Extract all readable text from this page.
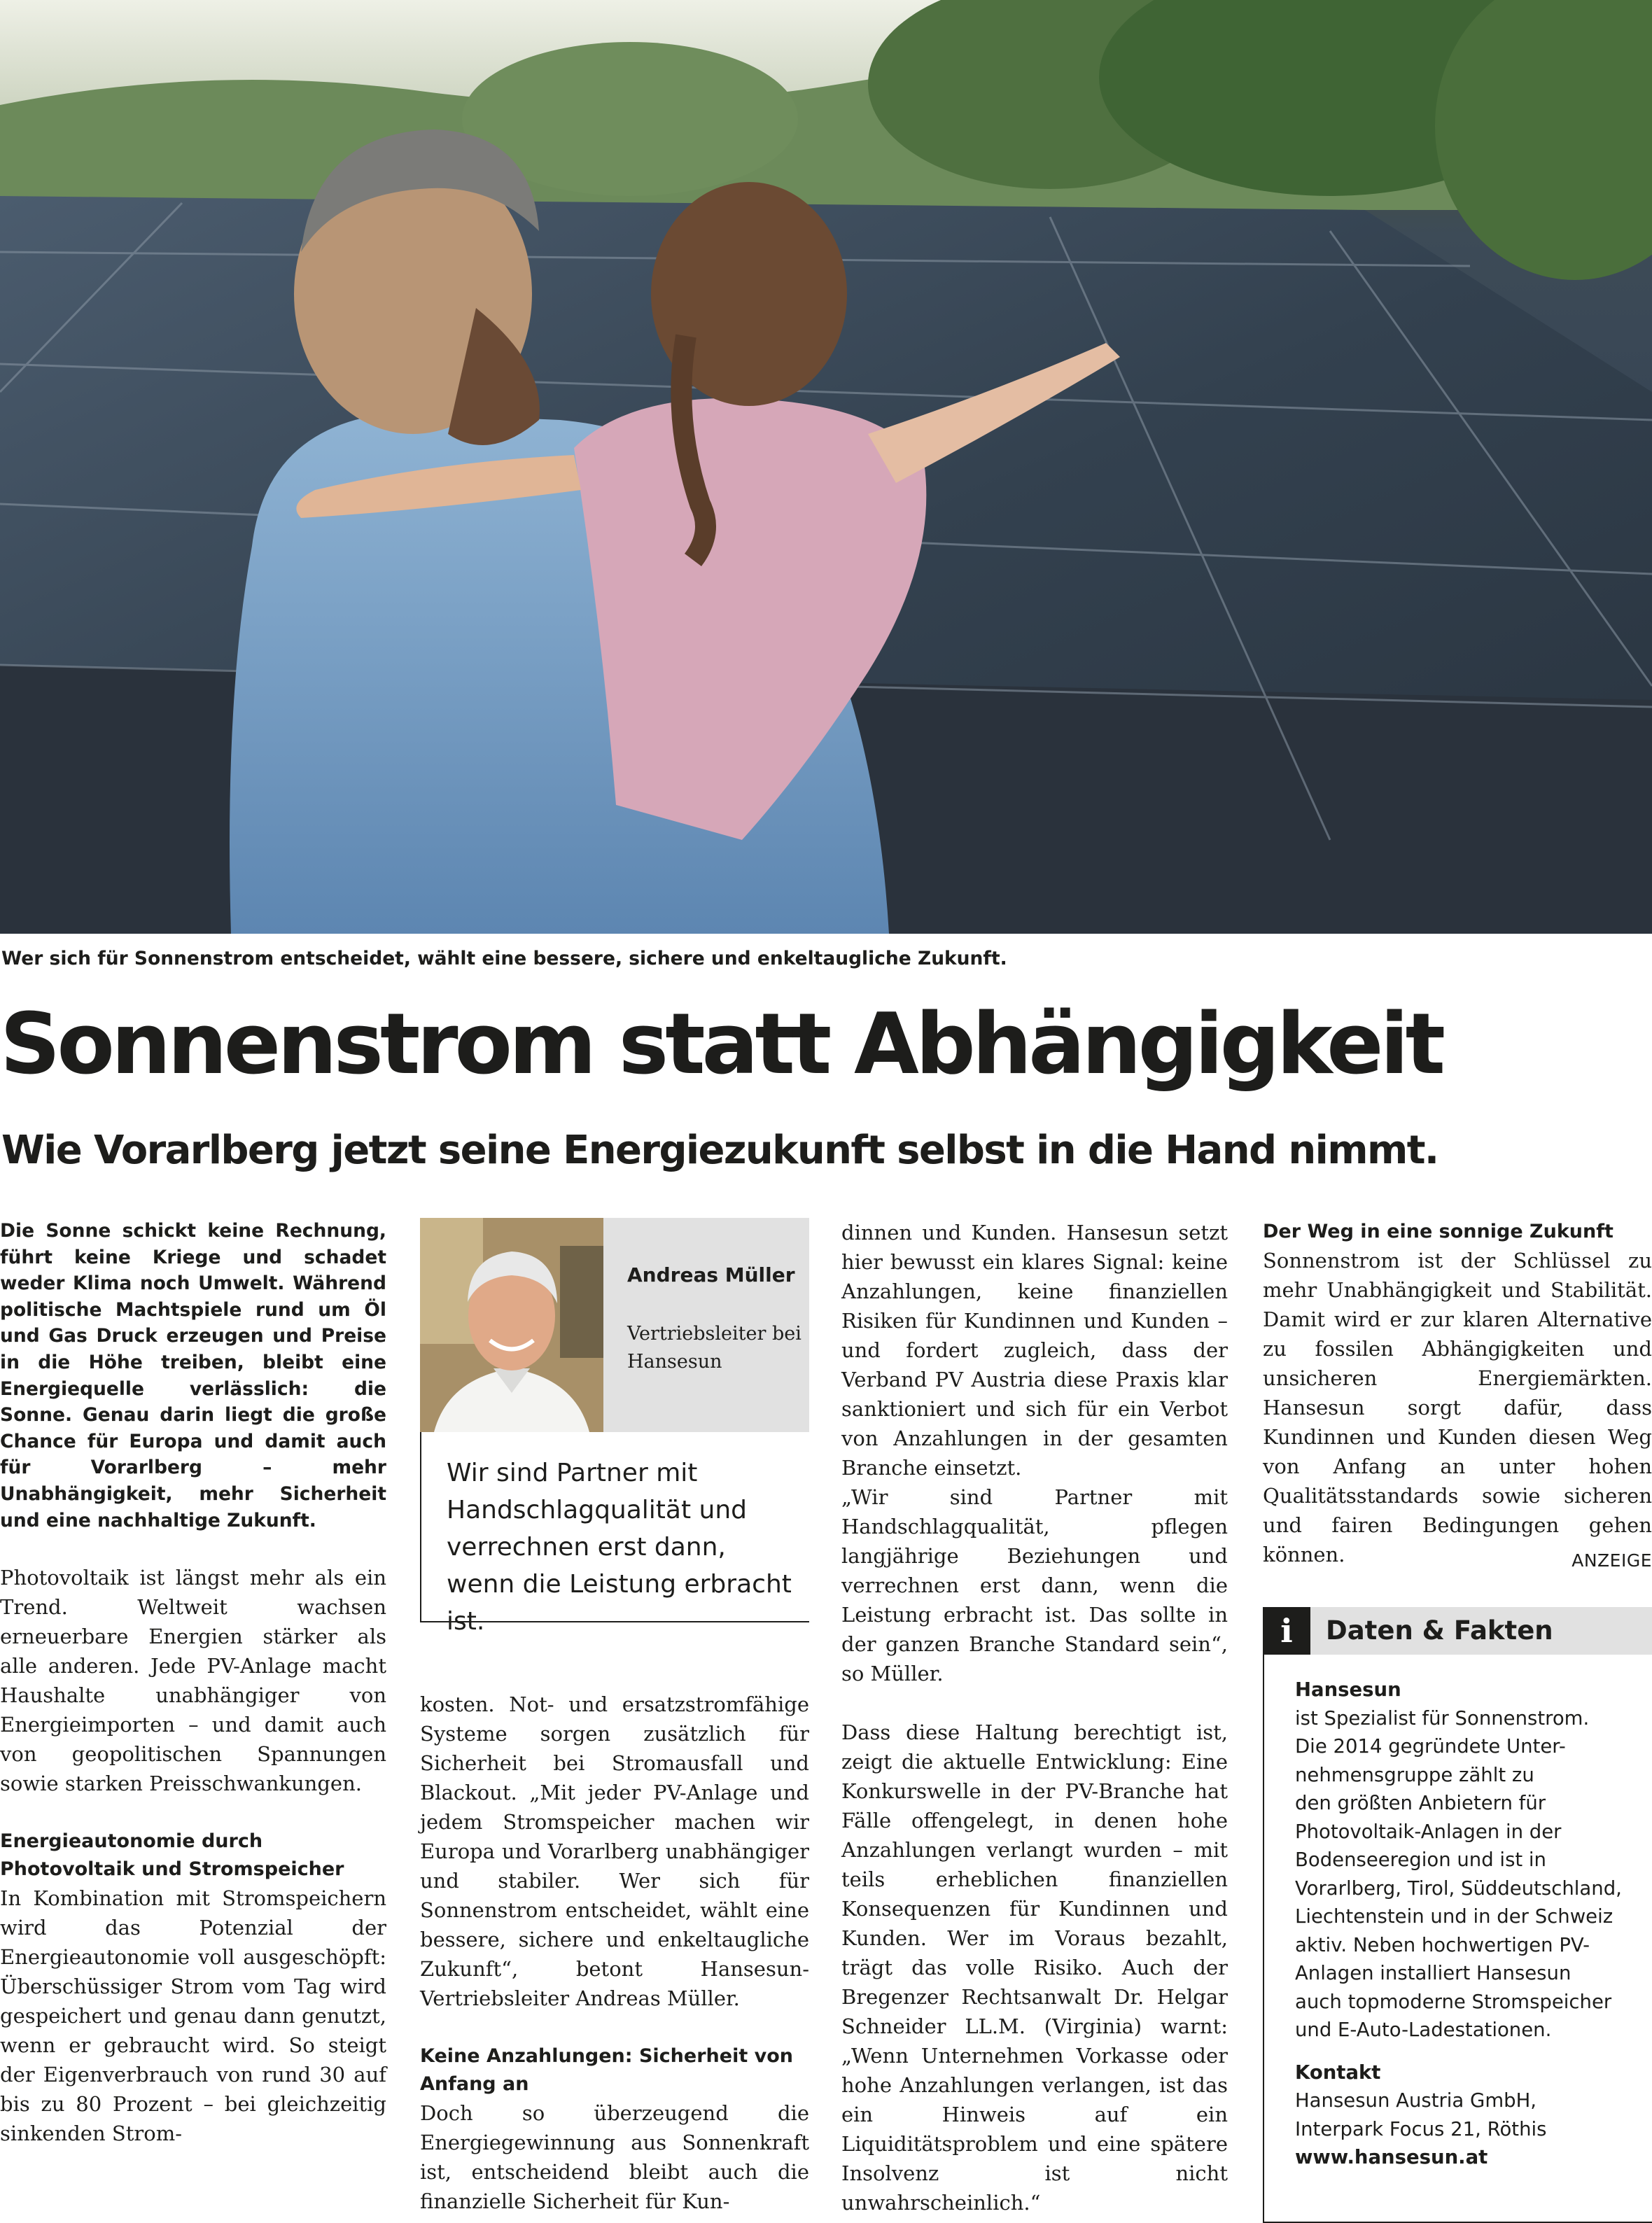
Wer sich für Sonnenstrom entscheidet, wählt eine bessere, sichere und enkeltaugliche Zukunft.
Sonnenstrom statt Abhängigkeit
Wie Vorarlberg jetzt seine Energiezukunft selbst in die Hand nimmt.

Die Sonne schickt keine Rechnung, führt keine Kriege und schadet weder Klima noch Umwelt. Während politische Machtspiele rund um Öl und Gas Druck erzeugen und Preise in die Höhe treiben, bleibt eine Energiequelle verlässlich: die Sonne. Genau darin liegt die große Chance für Europa und damit auch für Vorarlberg – mehr Unabhängigkeit, mehr Sicherheit und eine nachhaltige Zukunft.

Photovoltaik ist längst mehr als ein Trend. Weltweit wachsen erneuerbare Energien stärker als alle anderen. Jede PV-Anlage macht Haushalte unabhängiger von Energieimporten – und damit auch von geopolitischen Spannungen sowie starken Preisschwankungen.

Energieautonomie durch Photovoltaik und Stromspeicher

In Kombination mit Stromspeichern wird das Potenzial der Energieautonomie voll ausgeschöpft: Überschüssiger Strom vom Tag wird gespeichert und genau dann genutzt, wenn er gebraucht wird. So steigt der Eigenverbrauch von rund 30 auf bis zu 80 Prozent – bei gleichzeitig sinkenden Strom-

Andreas Müller
Vertriebsleiter bei Hansesun
Wir sind Partner mit Handschlagqualität und verrechnen erst dann, wenn die Leistung erbracht ist.

kosten. Not- und ersatzstromfähige Systeme sorgen zusätzlich für Sicherheit bei Stromausfall und Blackout. „Mit jeder PV-Anlage und jedem Stromspeicher machen wir Europa und Vorarlberg unabhängiger und stabiler. Wer sich für Sonnenstrom entscheidet, wählt eine bessere, sichere und enkeltaugliche Zukunft“, betont Hansesun-Vertriebsleiter Andreas Müller.

Keine Anzahlungen: Sicherheit von Anfang an

Doch so überzeugend die Energiegewinnung aus Sonnenkraft ist, entscheidend bleibt auch die finanzielle Sicherheit für Kun-

dinnen und Kunden. Hansesun setzt hier bewusst ein klares Signal: keine Anzahlungen, keine finanziellen Risiken für Kundinnen und Kunden – und fordert zugleich, dass der Verband PV Austria diese Praxis klar sanktioniert und sich für ein Verbot von Anzahlungen in der gesamten Branche einsetzt.

„Wir sind Partner mit Handschlagqualität, pflegen langjährige Beziehungen und verrechnen erst dann, wenn die Leistung erbracht ist. Das sollte in der ganzen Branche Standard sein“, so Müller.

Dass diese Haltung berechtigt ist, zeigt die aktuelle Entwicklung: Eine Konkurswelle in der PV-Branche hat Fälle offengelegt, in denen hohe Anzahlungen verlangt wurden – mit teils erheblichen finanziellen Konsequenzen für Kundinnen und Kunden. Wer im Voraus bezahlt, trägt das volle Risiko. Auch der Bregenzer Rechtsanwalt Dr. Helgar Schneider LL.M. (Virginia) warnt: „Wenn Unternehmen Vorkasse oder hohe Anzahlungen verlangen, ist das ein Hinweis auf ein Liquiditätsproblem und eine spätere Insolvenz ist nicht unwahrscheinlich.“

Der Weg in eine sonnige Zukunft

Sonnenstrom ist der Schlüssel zu mehr Unabhängigkeit und Stabilität. Damit wird er zur klaren Alternative zu fossilen Abhängigkeiten und unsicheren Energiemärkten. Hansesun sorgt dafür, dass Kundinnen und Kunden diesen Weg von Anfang an unter hohen Qualitätsstandards sowie sicheren und fairen Bedingungen gehen können.	ANZEIGE

i	Daten & Fakten
Hansesun
ist Spezialist für Sonnenstrom.
Die 2014 gegründete Unter-
nehmensgruppe zählt zu
den größten Anbietern für
Photovoltaik-Anlagen in der
Bodenseeregion und ist in
Vorarlberg, Tirol, Süddeutschland,
Liechtenstein und in der Schweiz
aktiv. Neben hochwertigen PV-
Anlagen installiert Hansesun
auch topmoderne Stromspeicher
und E-Auto-Ladestationen.
Kontakt
Hansesun Austria GmbH,
Interpark Focus 21, Röthis
www.hansesun.at
